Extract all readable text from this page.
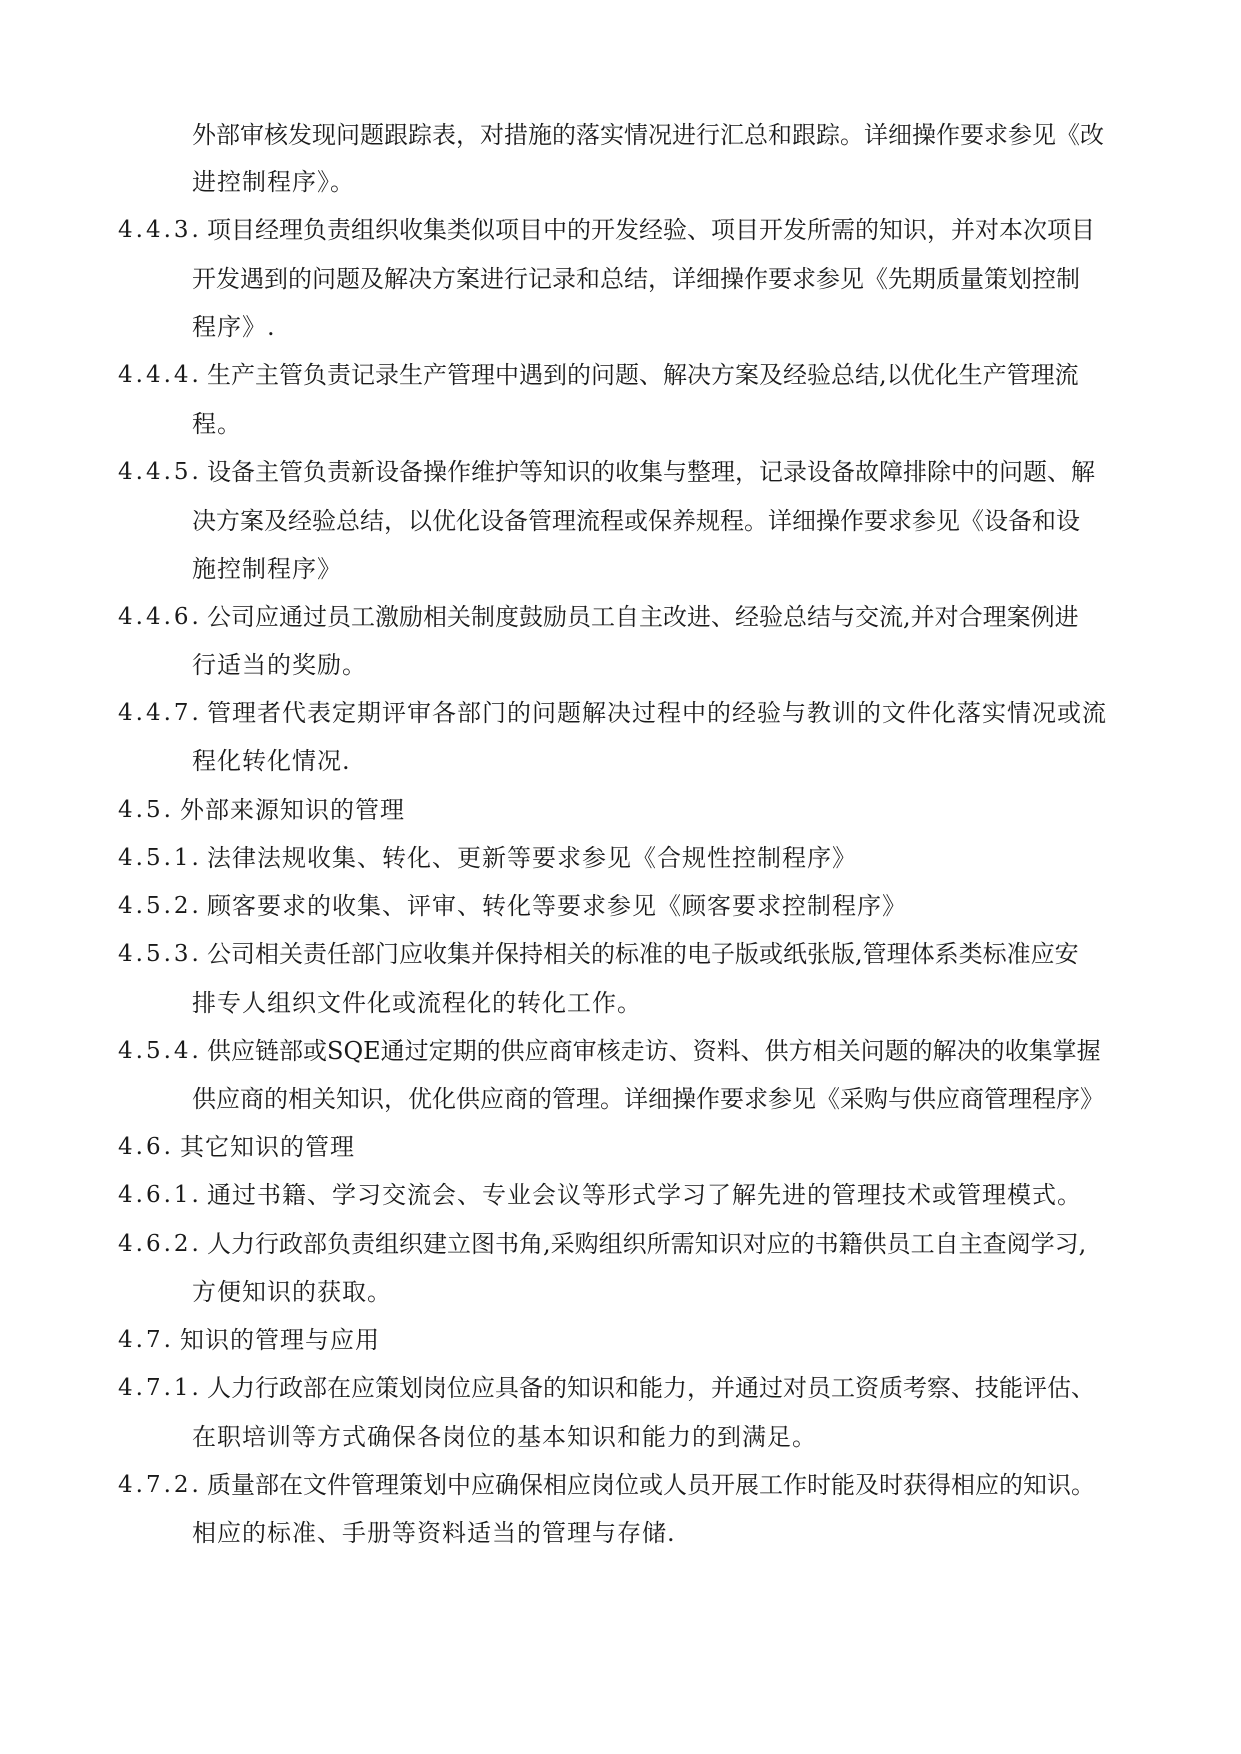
外部审核发现问题跟踪表，对措施的落实情况进行汇总和跟踪。详细操作要求参见《改
进控制程序》。
4.4.3. 项目经理负责组织收集类似项目中的开发经验、项目开发所需的知识，并对本次项目
开发遇到的问题及解决方案进行记录和总结，详细操作要求参见《先期质量策划控制
程序》.
4.4.4. 生产主管负责记录生产管理中遇到的问题、解决方案及经验总结,以优化生产管理流
程。
4.4.5. 设备主管负责新设备操作维护等知识的收集与整理，记录设备故障排除中的问题、解
决方案及经验总结，以优化设备管理流程或保养规程。详细操作要求参见《设备和设
施控制程序》
4.4.6. 公司应通过员工激励相关制度鼓励员工自主改进、经验总结与交流,并对合理案例进
行适当的奖励。
4.4.7. 管理者代表定期评审各部门的问题解决过程中的经验与教训的文件化落实情况或流
程化转化情况.
4.5. 外部来源知识的管理
4.5.1. 法律法规收集、转化、更新等要求参见《合规性控制程序》
4.5.2. 顾客要求的收集、评审、转化等要求参见《顾客要求控制程序》
4.5.3. 公司相关责任部门应收集并保持相关的标准的电子版或纸张版,管理体系类标准应安
排专人组织文件化或流程化的转化工作。
4.5.4. 供应链部或SQE通过定期的供应商审核走访、资料、供方相关问题的解决的收集掌握
供应商的相关知识，优化供应商的管理。详细操作要求参见《采购与供应商管理程序》
4.6. 其它知识的管理
4.6.1. 通过书籍、学习交流会、专业会议等形式学习了解先进的管理技术或管理模式。
4.6.2. 人力行政部负责组织建立图书角,采购组织所需知识对应的书籍供员工自主查阅学习,
方便知识的获取。
4.7. 知识的管理与应用
4.7.1. 人力行政部在应策划岗位应具备的知识和能力，并通过对员工资质考察、技能评估、
在职培训等方式确保各岗位的基本知识和能力的到满足。
4.7.2. 质量部在文件管理策划中应确保相应岗位或人员开展工作时能及时获得相应的知识。
相应的标准、手册等资料适当的管理与存储.
